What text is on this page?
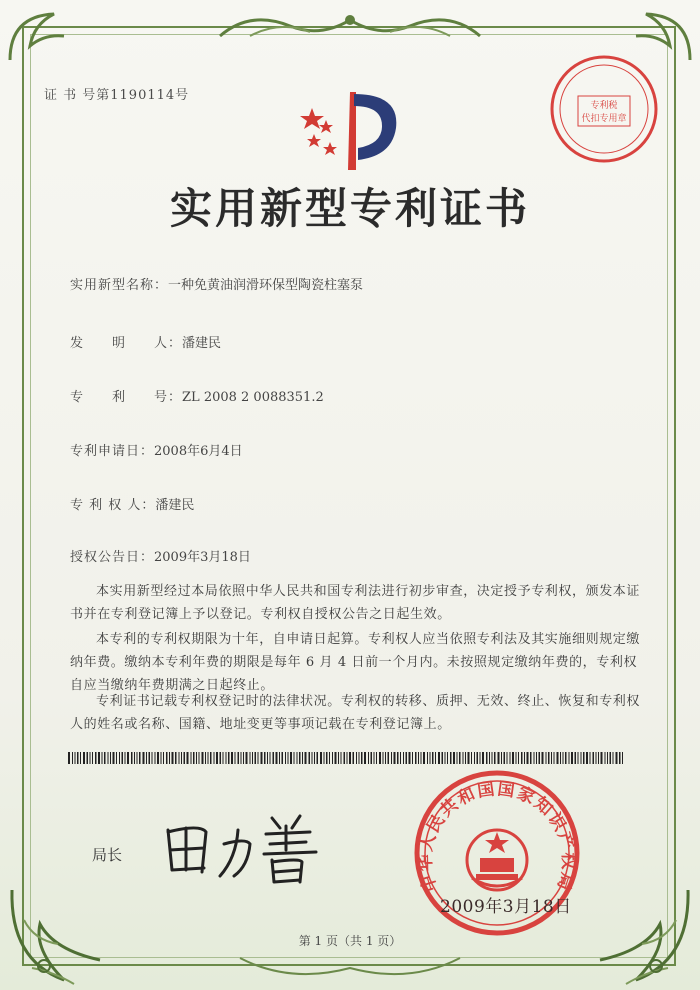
证 书 号第1190114号
专利税
代扣专用章
实用新型专利证书
实用新型名称：一种免黄油润滑环保型陶瓷柱塞泵
发　　明　　人：潘建民
专　　利　　号：ZL 2008 2 0088351.2
专利申请日：2008年6月4日
专 利 权 人：潘建民
授权公告日：2009年3月18日
本实用新型经过本局依照中华人民共和国专利法进行初步审查，决定授予专利权，颁发本证书并在专利登记簿上予以登记。专利权自授权公告之日起生效。
本专利的专利权期限为十年，自申请日起算。专利权人应当依照专利法及其实施细则规定缴纳年费。缴纳本专利年费的期限是每年 6 月 4 日前一个月内。未按照规定缴纳年费的，专利权自应当缴纳年费期满之日起终止。
专利证书记载专利权登记时的法律状况。专利权的转移、质押、无效、终止、恢复和专利权人的姓名或名称、国籍、地址变更等事项记载在专利登记簿上。
局长
中华人民共和国国家知识产权局
2009年3月18日
第 1 页（共 1 页）
